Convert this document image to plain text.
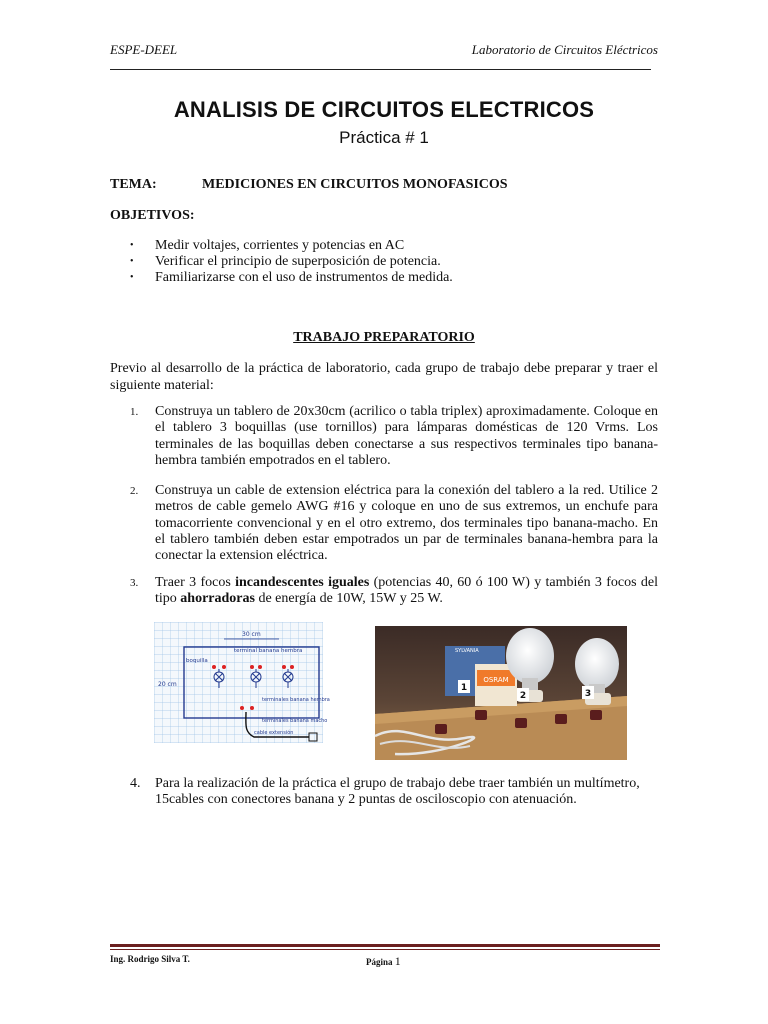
ESPE-DEEL	Laboratorio de Circuitos Eléctricos
ANALISIS DE CIRCUITOS ELECTRICOS
Práctica # 1
TEMA:	MEDICIONES EN CIRCUITOS MONOFASICOS
OBJETIVOS:
•	Medir voltajes, corrientes y potencias en AC
•	Verificar el principio de superposición de potencia.
•	Familiarizarse con el uso de instrumentos de medida.
TRABAJO PREPARATORIO
Previo al desarrollo de la práctica de laboratorio, cada grupo de trabajo debe preparar y traer el siguiente material:
1.	Construya un tablero de 20x30cm (acrilico o tabla triplex) aproximadamente. Coloque en el tablero 3 boquillas (use tornillos) para lámparas domésticas de 120 Vrms. Los terminales de las boquillas deben conectarse a sus respectivos terminales tipo banana-hembra también empotrados en el tablero.
2.	Construya un cable de extension eléctrica para la conexión del tablero a la red. Utilice 2 metros de cable gemelo AWG #16 y coloque en uno de sus extremos, un enchufe para tomacorriente convencional y en el otro extremo, dos terminales tipo banana-macho. En el tablero también deben estar empotrados un par de terminales banana-hembra para la conectar la extension eléctrica.
3.	Traer 3 focos incandescentes iguales (potencias 40, 60 ó 100 W) y también 3 focos del tipo ahorradoras de energía de 10W, 15W y 25 W.
30 cm
20 cm
boquilla
terminal banana hembra
terminales banana hembra
terminales banana macho
cable extensión
OSRAM
SYLVANIA
1
2	3
4.	Para la realización de la práctica el grupo de trabajo debe traer también un multímetro, 15cables con conectores banana y 2 puntas de osciloscopio con atenuación.
Ing. Rodrigo Silva T.	Página 1
